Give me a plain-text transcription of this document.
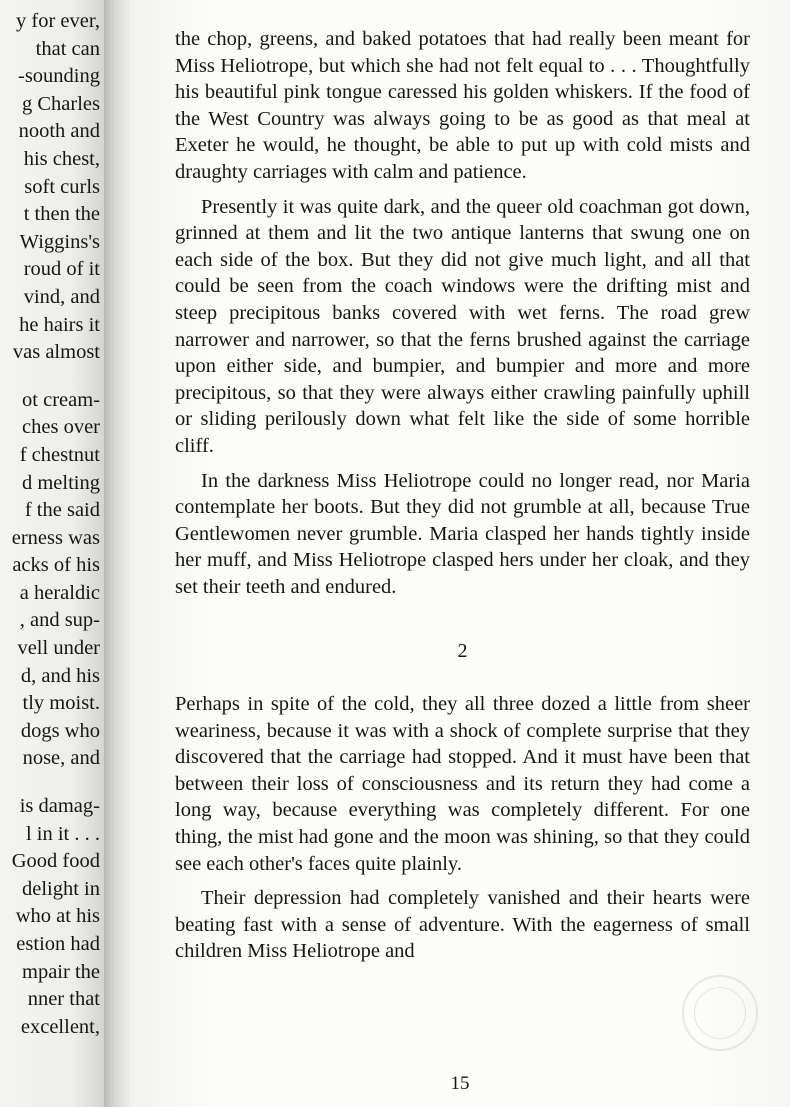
y for ever,
that can
-sounding
g Charles
nooth and
his chest,
soft curls
t then the
Wiggins's
roud of it
vind, and
he hairs it
vas almost
ot cream-
ches over
f chestnut
d melting
f the said
erness was
acks of his
a heraldic
, and sup-
vell under
d, and his
tly moist.
dogs who
nose, and
is damag-
l in it . . .
Good food
delight in
who at his
estion had
mpair the
nner that
excellent,

the chop, greens, and baked potatoes that had really been meant for Miss Heliotrope, but which she had not felt equal to . . . Thoughtfully his beautiful pink tongue caressed his golden whiskers. If the food of the West Country was always going to be as good as that meal at Exeter he would, he thought, be able to put up with cold mists and draughty carriages with calm and patience.

Presently it was quite dark, and the queer old coachman got down, grinned at them and lit the two antique lanterns that swung one on each side of the box. But they did not give much light, and all that could be seen from the coach windows were the drifting mist and steep precipitous banks covered with wet ferns. The road grew narrower and narrower, so that the ferns brushed against the carriage upon either side, and bumpier, and bumpier and more and more precipitous, so that they were always either crawling painfully uphill or sliding perilously down what felt like the side of some horrible cliff.

In the darkness Miss Heliotrope could no longer read, nor Maria contemplate her boots. But they did not grumble at all, because True Gentlewomen never grumble. Maria clasped her hands tightly inside her muff, and Miss Heliotrope clasped hers under her cloak, and they set their teeth and endured.

2

Perhaps in spite of the cold, they all three dozed a little from sheer weariness, because it was with a shock of complete surprise that they discovered that the carriage had stopped. And it must have been that between their loss of consciousness and its return they had come a long way, because everything was completely different. For one thing, the mist had gone and the moon was shining, so that they could see each other's faces quite plainly.

Their depression had completely vanished and their hearts were beating fast with a sense of adventure. With the eagerness of small children Miss Heliotrope and

15
